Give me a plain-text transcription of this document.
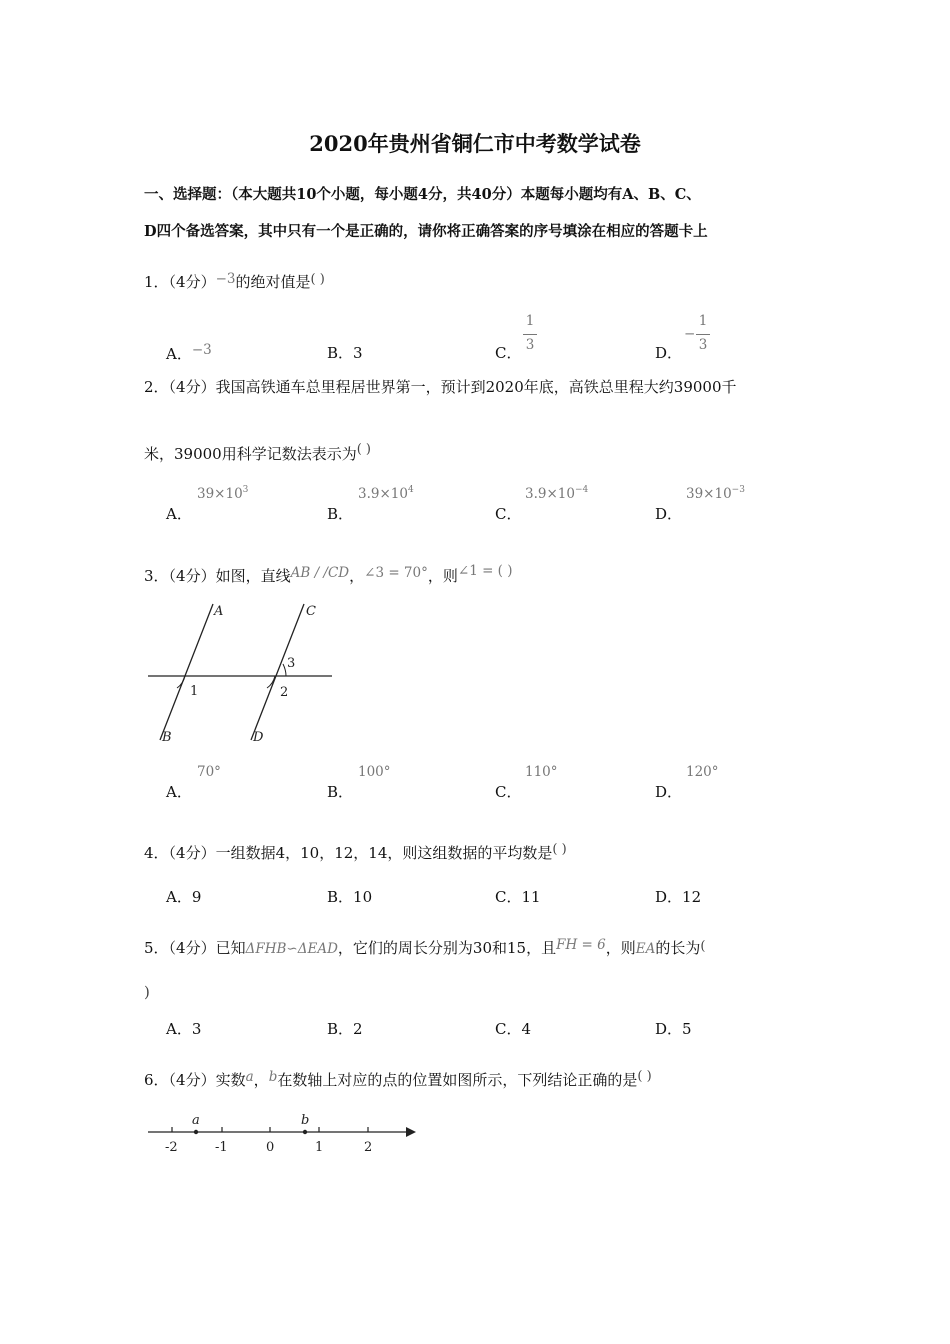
2020年贵州省铜仁市中考数学试卷
一、选择题：（本大题共10个小题，每小题4分，共40分）本题每小题均有A、B、C、
D四个备选答案，其中只有一个是正确的，请你将正确答案的序号填涂在相应的答题卡上
1．（4分）−3的绝对值是( )
A．−3	B．3	C．
1
3	D．
−
1
3
2．（4分）我国高铁通车总里程居世界第一，预计到2020年底，高铁总里程大约39000千
米，39000用科学记数法表示为( )
A．
$39\times 10^3$
B．
$3.9\times 10^4$
C．
$3.9\times 10^{-4}$
D．
$39\times 10^{-3}$
3．（4分）如图，直线AB / /CD，∠3 = 70°，则∠1 = ( )
A
B
C
D
1	2
3
A．
70°
B．
100°
C．
110°
D．
120°
4．（4分）一组数据4，10，12，14，则这组数据的平均数是( )
A．9	B．10	C．11	D．12
5．（4分）已知ΔFHB∽ΔEAD，它们的周长分别为30和15，且FH = 6，则EA的长为(
)
A．3	B．2	C．4	D．5
6．（4分）实数a，b在数轴上对应的点的位置如图所示，下列结论正确的是( )
-2	-1	0	1	2
a	b
